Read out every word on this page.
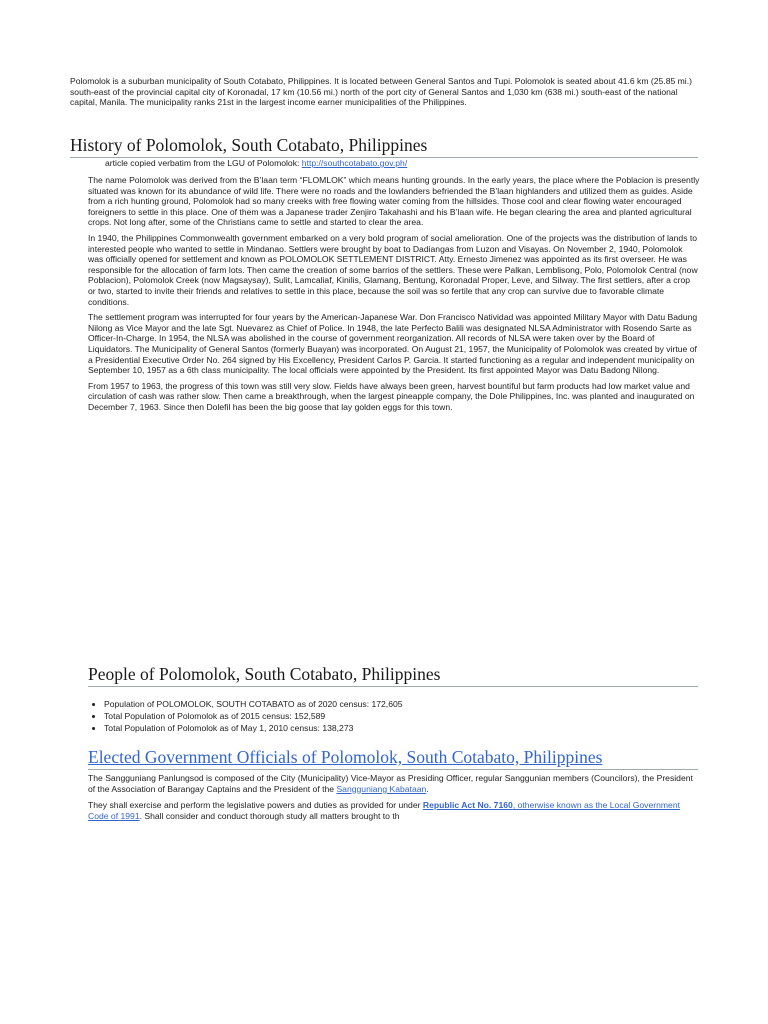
Polomolok is a suburban municipality of South Cotabato, Philippines. It is located between General Santos and Tupi. Polomolok is seated about 41.6 km (25.85 mi.) south-east of the provincial capital city of Koronadal, 17 km (10.56 mi.) north of the port city of General Santos and 1,030 km (638 mi.) south-east of the national capital, Manila. The municipality ranks 21st in the largest income earner municipalities of the Philippines.

History of Polomolok, South Cotabato, Philippines

article copied verbatim from the LGU of Polomolok: http://southcotabato.gov.ph/

The name Polomolok was derived from the B’laan term “FLOMLOK” which means hunting grounds. In the early years, the place where the Poblacion is presently situated was known for its abundance of wild life. There were no roads and the lowlanders befriended the B’laan highlanders and utilized them as guides. Aside from a rich hunting ground, Polomolok had so many creeks with free flowing water coming from the hillsides. Those cool and clear flowing water encouraged foreigners to settle in this place. One of them was a Japanese trader Zenjiro Takahashi and his B’laan wife. He began clearing the area and planted agricultural crops. Not long after, some of the Christians came to settle and started to clear the area.

In 1940, the Philippines Commonwealth government embarked on a very bold program of social amelioration. One of the projects was the distribution of lands to interested people who wanted to settle in Mindanao. Settlers were brought by boat to Dadiangas from Luzon and Visayas. On November 2, 1940, Polomolok was officially opened for settlement and known as POLOMOLOK SETTLEMENT DISTRICT. Atty. Ernesto Jimenez was appointed as its first overseer. He was responsible for the allocation of farm lots. Then came the creation of some barrios of the settlers. These were Palkan, Lemblisong, Polo, Polomolok Central (now Poblacion), Polomolok Creek (now Magsaysay), Sulit, Lamcaliaf, Kinilis, Glamang, Bentung, Koronadal Proper, Leve, and Silway. The first settlers, after a crop or two, started to invite their friends and relatives to settle in this place, because the soil was so fertile that any crop can survive due to favorable climate conditions.

The settlement program was interrupted for four years by the American-Japanese War. Don Francisco Natividad was appointed Military Mayor with Datu Badung Nilong as Vice Mayor and the late Sgt. Nuevarez as Chief of Police. In 1948, the late Perfecto Balili was designated NLSA Administrator with Rosendo Sarte as Officer-In-Charge. In 1954, the NLSA was abolished in the course of government reorganization. All records of NLSA were taken over by the Board of Liquidators. The Municipality of General Santos (formerly Buayan) was incorporated. On August 21, 1957, the Municipality of Polomolok was created by virtue of a Presidential Executive Order No. 264 signed by His Excellency, President Carlos P. Garcia. It started functioning as a regular and independent municipality on September 10, 1957 as a 6th class municipality. The local officials were appointed by the President. Its first appointed Mayor was Datu Badong Nilong.

From 1957 to 1963, the progress of this town was still very slow. Fields have always been green, harvest bountiful but farm products had low market value and circulation of cash was rather slow. Then came a breakthrough, when the largest pineapple company, the Dole Philippines, Inc. was planted and inaugurated on December 7, 1963. Since then Dolefil has been the big goose that lay golden eggs for this town.

People of Polomolok, South Cotabato, Philippines
• Population of POLOMOLOK, SOUTH COTABATO as of 2020 census: 172,605
• Total Population of Polomolok as of 2015 census: 152,589
• Total Population of Polomolok as of May 1, 2010 census: 138,273
Elected Government Officials of Polomolok, South Cotabato, Philippines

The Sangguniang Panlungsod is composed of the City (Municipality) Vice-Mayor as Presiding Officer, regular Sanggunian members (Councilors), the President of the Association of Barangay Captains and the President of the Sangguniang Kabataan.

They shall exercise and perform the legislative powers and duties as provided for under Republic Act No. 7160, otherwise known as the Local Government Code of 1991. Shall consider and conduct thorough study all matters brought to th
